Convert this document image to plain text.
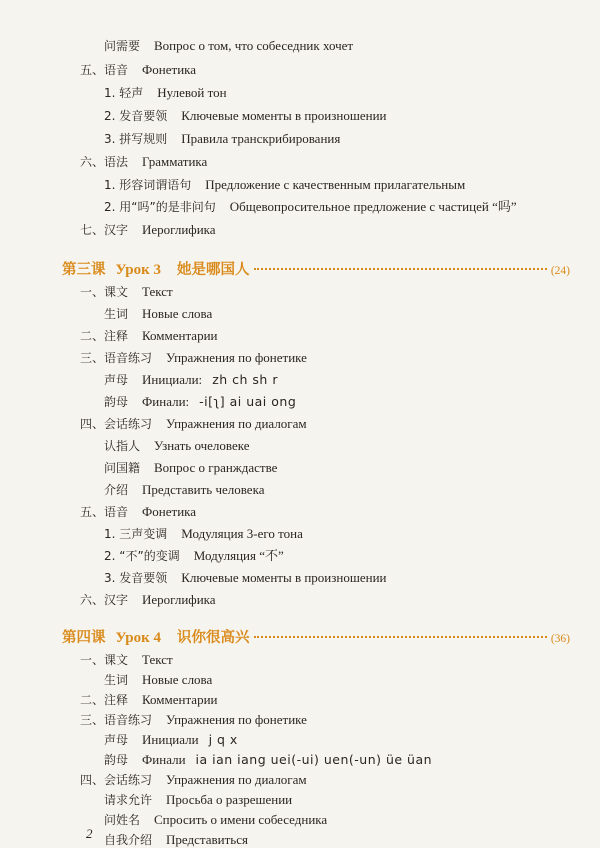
问需要 Вопрос о том, что собеседник хочет
五、语音 Фонетика
1. 轻声 Нулевой тон
2. 发音要领 Ключевые моменты в произношении
3. 拼写规则 Правила транскрибирования
六、语法 Грамматика
1. 形容词谓语句 Предложение с качественным прилагательным
2. 用“吗”的是非问句 Общевопросительное предложение с частицей “吗”
七、汉字 Иероглифика
第三课 Урок 3 她是哪国人	(24)
一、课文 Текст
生词 Новые слова
二、注释 Комментарии
三、语音练习 Упражнения по фонетике
声母 Инициали: zh ch sh r
韵母 Финали: -i[ʅ] ai uai ong
四、会话练习 Упражнения по диалогам
认指人 Узнать очеловеке
问国籍 Вопрос о гранждастве
介绍 Представить человека
五、语音 Фонетика
1. 三声变调 Модуляция 3-его тона
2. “不”的变调 Модуляция “不”
3. 发音要领 Ключевые моменты в произношении
六、汉字 Иероглифика
第四课 Урок 4 识你很高兴	(36)
2
一、课文 Текст
生词 Новые слова
二、注释 Комментарии
三、语音练习 Упражнения по фонетике
声母 Инициали j q x
韵母 Финали ia ian iang uei(-ui) uen(-un) üe üan
四、会话练习 Упражнения по диалогам
请求允许 Просьба о разрешении
问姓名 Спросить о имени собеседника
自我介绍 Представиться
